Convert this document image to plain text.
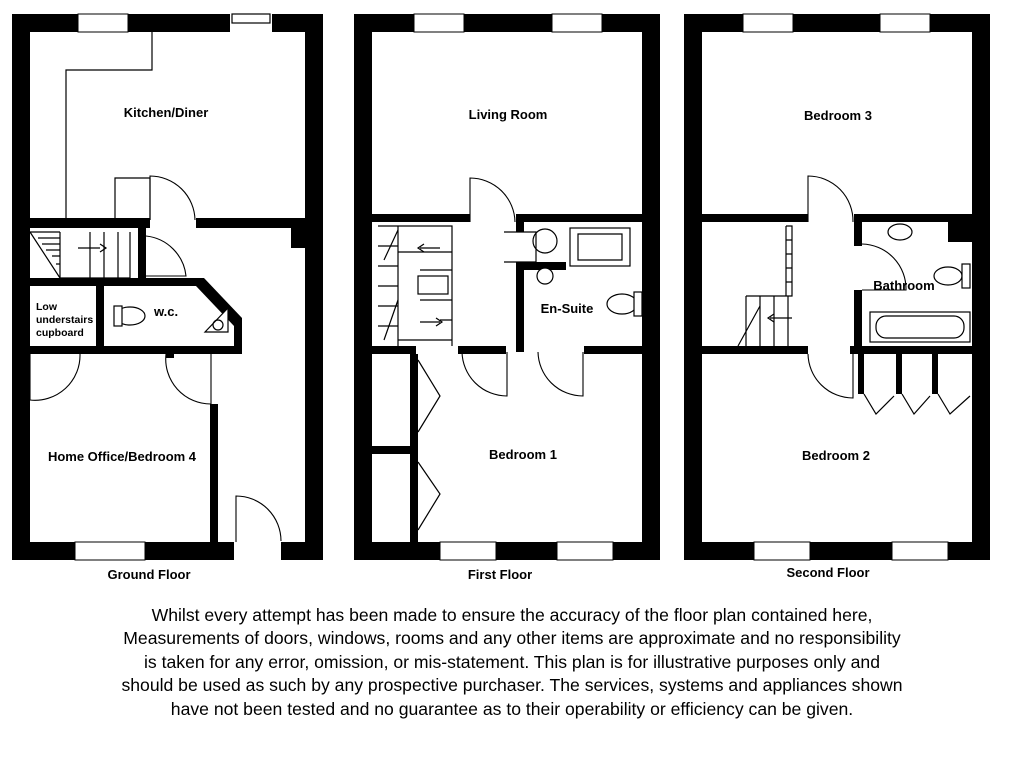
Kitchen/Diner
Low
understairs
cupboard
w.c.
Home Office/Bedroom 4
Ground Floor
Living Room
En-Suite
Bedroom 1
First Floor
Bedroom 3
Bathroom
Bedroom 2
Second Floor

Whilst every attempt has been made to ensure the accuracy of the floor plan contained here, Measurements of doors, windows, rooms and any other items are approximate and no responsibility is taken for any error, omission, or mis-statement. This plan is for illustrative purposes only and should be used as such by any prospective purchaser. The services, systems and appliances shown have not been tested and no guarantee as to their operability or efficiency can be given.
